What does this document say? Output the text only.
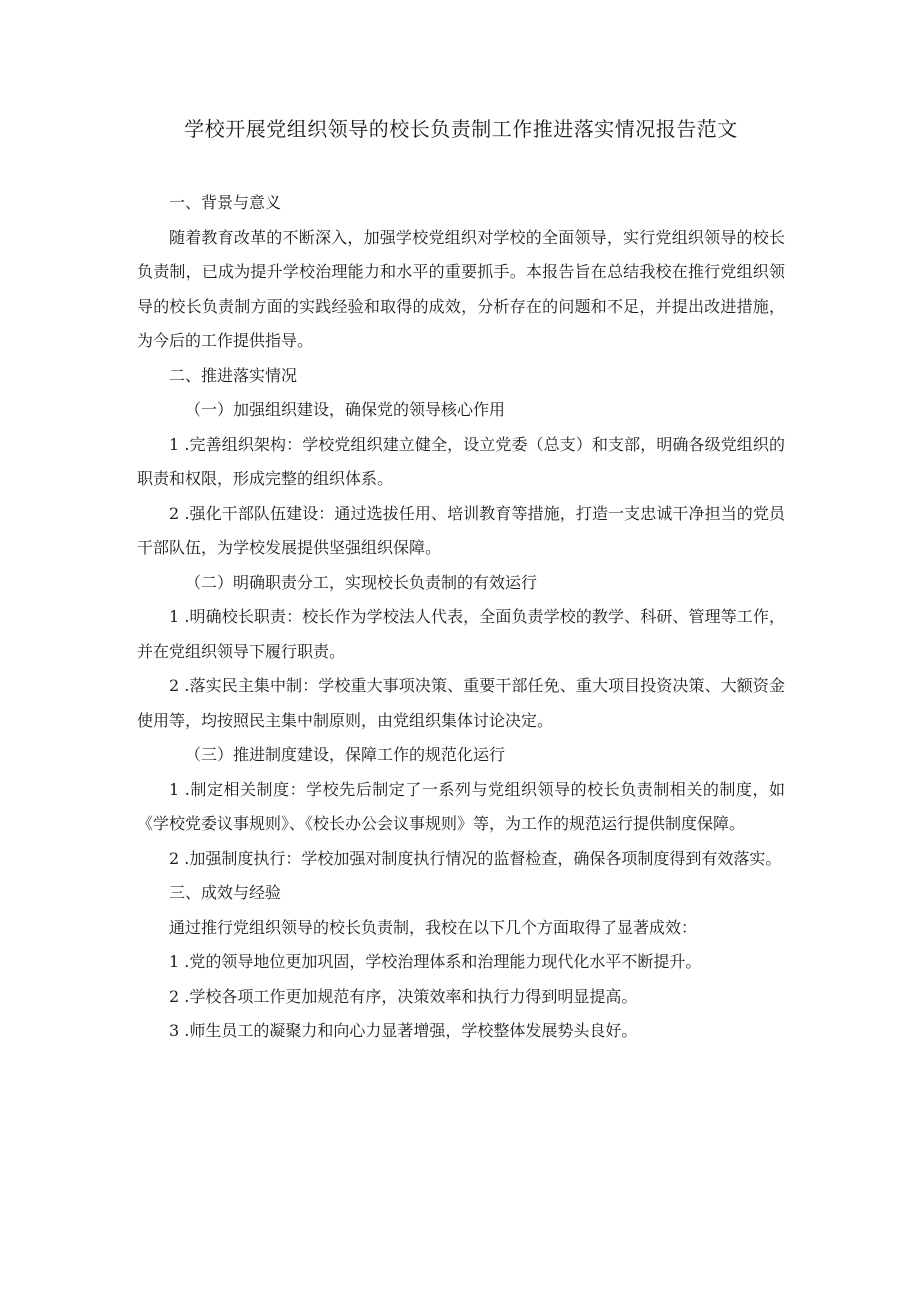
学校开展党组织领导的校长负责制工作推进落实情况报告范文

一、背景与意义

随着教育改革的不断深入，加强学校党组织对学校的全面领导，实行党组织领导的校长负责制，已成为提升学校治理能力和水平的重要抓手。本报告旨在总结我校在推行党组织领导的校长负责制方面的实践经验和取得的成效，分析存在的问题和不足，并提出改进措施，为今后的工作提供指导。

二、推进落实情况

（一）加强组织建设，确保党的领导核心作用

1 .完善组织架构：学校党组织建立健全，设立党委（总支）和支部，明确各级党组织的职责和权限，形成完整的组织体系。

2 .强化干部队伍建设：通过选拔任用、培训教育等措施，打造一支忠诚干净担当的党员干部队伍，为学校发展提供坚强组织保障。

（二）明确职责分工，实现校长负责制的有效运行

1 .明确校长职责：校长作为学校法人代表，全面负责学校的教学、科研、管理等工作，并在党组织领导下履行职责。

2 .落实民主集中制：学校重大事项决策、重要干部任免、重大项目投资决策、大额资金使用等，均按照民主集中制原则，由党组织集体讨论决定。

（三）推进制度建设，保障工作的规范化运行

1 .制定相关制度：学校先后制定了一系列与党组织领导的校长负责制相关的制度，如《学校党委议事规则》、《校长办公会议事规则》等，为工作的规范运行提供制度保障。

2 .加强制度执行：学校加强对制度执行情况的监督检查，确保各项制度得到有效落实。

三、成效与经验

通过推行党组织领导的校长负责制，我校在以下几个方面取得了显著成效：

1 .党的领导地位更加巩固，学校治理体系和治理能力现代化水平不断提升。

2 .学校各项工作更加规范有序，决策效率和执行力得到明显提高。

3 .师生员工的凝聚力和向心力显著增强，学校整体发展势头良好。
